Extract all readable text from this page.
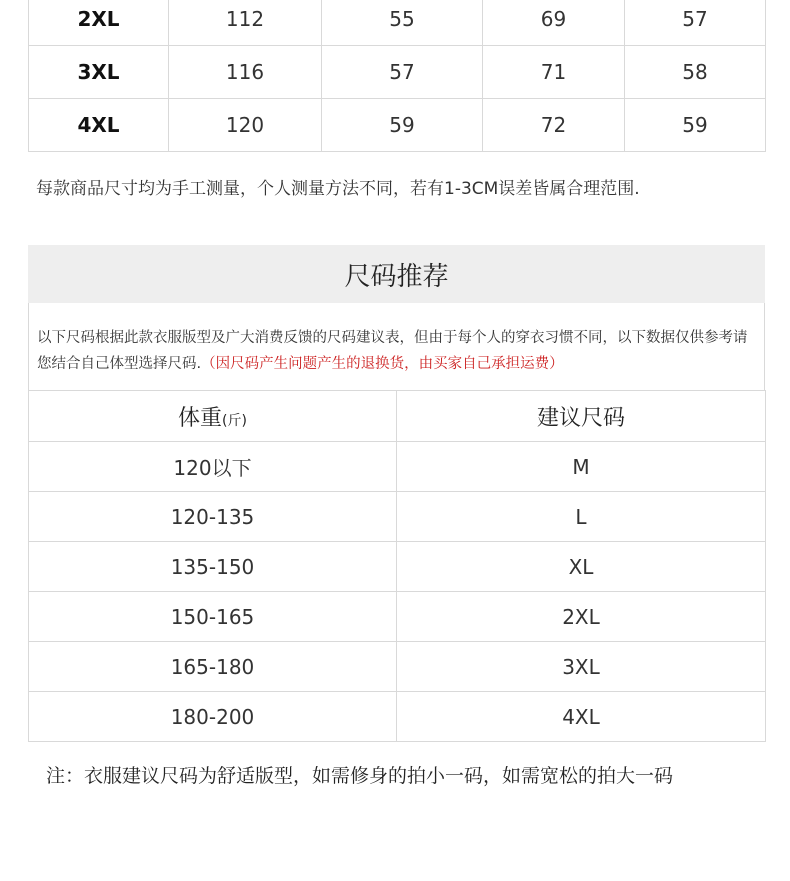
2XL	112	55	69	57
3XL	116	57	71	58
4XL	120	59	72	59
每款商品尺寸均为手工测量，个人测量方法不同，若有1-3CM误差皆属合理范围.
尺码推荐
以下尺码根据此款衣服版型及广大消费反馈的尺码建议表，但由于每个人的穿衣习惯不同，以下数据仅供参考请您结合自己体型选择尺码.（因尺码产生问题产生的退换货，由买家自己承担运费）
体重(斤)	建议尺码
120以下	M
120-135	L
135-150	XL
150-165	2XL
165-180	3XL
180-200	4XL
注：衣服建议尺码为舒适版型，如需修身的拍小一码，如需宽松的拍大一码
